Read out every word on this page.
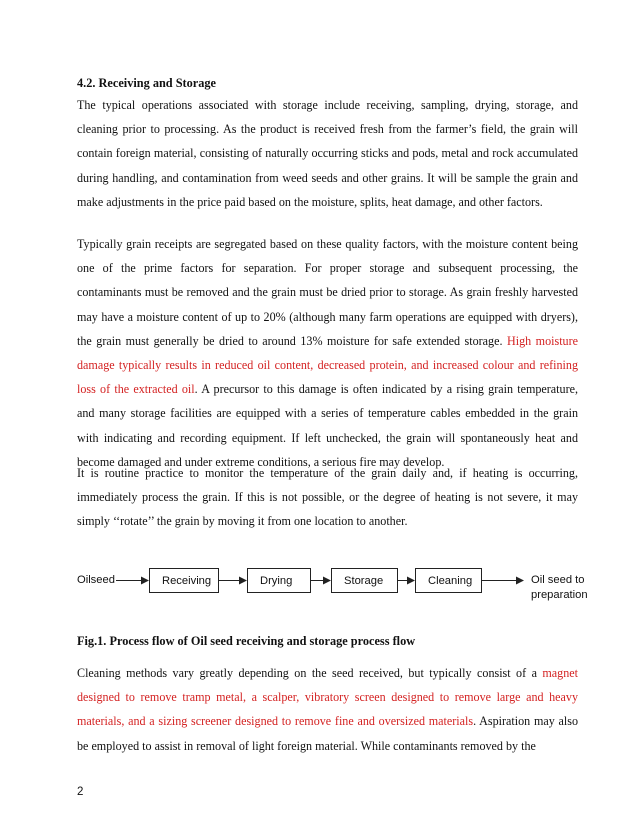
4.2. Receiving and Storage

The typical operations associated with storage include receiving, sampling, drying, storage, and cleaning prior to processing. As the product is received fresh from the farmer’s field, the grain will contain foreign material, consisting of naturally occurring sticks and pods, metal and rock accumulated during handling, and contamination from weed seeds and other grains. It will be sample the grain and make adjustments in the price paid based on the moisture, splits, heat damage, and other factors.

Typically grain receipts are segregated based on these quality factors, with the moisture content being one of the prime factors for separation. For proper storage and subsequent processing, the contaminants must be removed and the grain must be dried prior to storage. As grain freshly harvested may have a moisture content of up to 20% (although many farm operations are equipped with dryers), the grain must generally be dried to around 13% moisture for safe extended storage. High moisture damage typically results in reduced oil content, decreased protein, and increased colour and refining loss of the extracted oil. A precursor to this damage is often indicated by a rising grain temperature, and many storage facilities are equipped with a series of temperature cables embedded in the grain with indicating and recording equipment. If left unchecked, the grain will spontaneously heat and become damaged and under extreme conditions, a serious fire may develop.

It is routine practice to monitor the temperature of the grain daily and, if heating is occurring, immediately process the grain. If this is not possible, or the degree of heating is not severe, it may simply ‘‘rotate’’ the grain by moving it from one location to another.

Oilseed	Receiving	Drying	Storage	Cleaning	Oil seed to
preparation

Fig.1. Process flow of Oil seed receiving and storage process flow

Cleaning methods vary greatly depending on the seed received, but typically consist of a magnet designed to remove tramp metal, a scalper, vibratory screen designed to remove large and heavy materials, and a sizing screener designed to remove fine and oversized materials. Aspiration may also be employed to assist in removal of light foreign material. While contaminants removed by the

2
